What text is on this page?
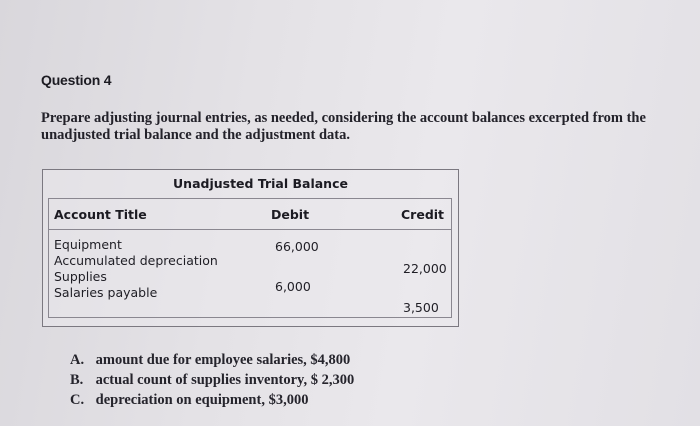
Question 4
Prepare adjusting journal entries, as needed, considering the account balances excerpted from the
unadjusted trial balance and the adjustment data.
Unadjusted Trial Balance
Account Title	Debit	Credit
Equipment
Accumulated depreciation
Supplies
Salaries payable
66,000
22,000
6,000
3,500
A. amount due for employee salaries, $4,800
B. actual count of supplies inventory, $ 2,300
C. depreciation on equipment, $3,000
